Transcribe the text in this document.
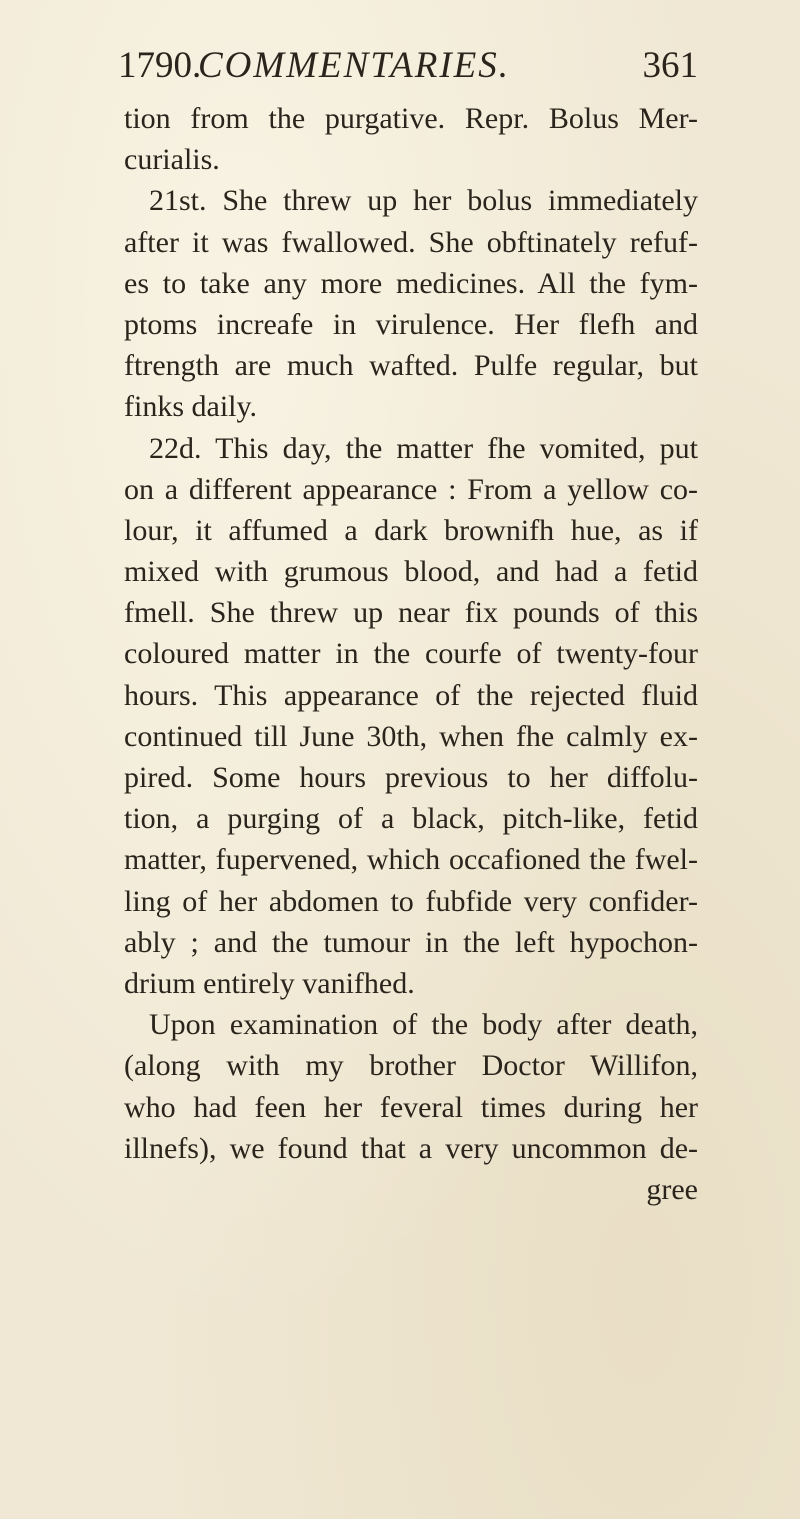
1790.
COMMENTARIES.	361
tion from the purgative. Repr. Bolus Mer-
curialis.
21st. She threw up her bolus immediately
after it was fwallowed. She obftinately refuf-
es to take any more medicines. All the fym-
ptoms increafe in virulence. Her flefh and
ftrength are much wafted. Pulfe regular, but
finks daily.
22d. This day, the matter fhe vomited, put
on a different appearance : From a yellow co-
lour, it affumed a dark brownifh hue, as if
mixed with grumous blood, and had a fetid
fmell. She threw up near fix pounds of this
coloured matter in the courfe of twenty-four
hours. This appearance of the rejected fluid
continued till June 30th, when fhe calmly ex-
pired. Some hours previous to her diffolu-
tion, a purging of a black, pitch-like, fetid
matter, fupervened, which occafioned the fwel-
ling of her abdomen to fubfide very confider-
ably ; and the tumour in the left hypochon-
drium entirely vanifhed.
Upon examination of the body after death,
(along with my brother Doctor Willifon,
who had feen her feveral times during her
illnefs), we found that a very uncommon de-
gree
